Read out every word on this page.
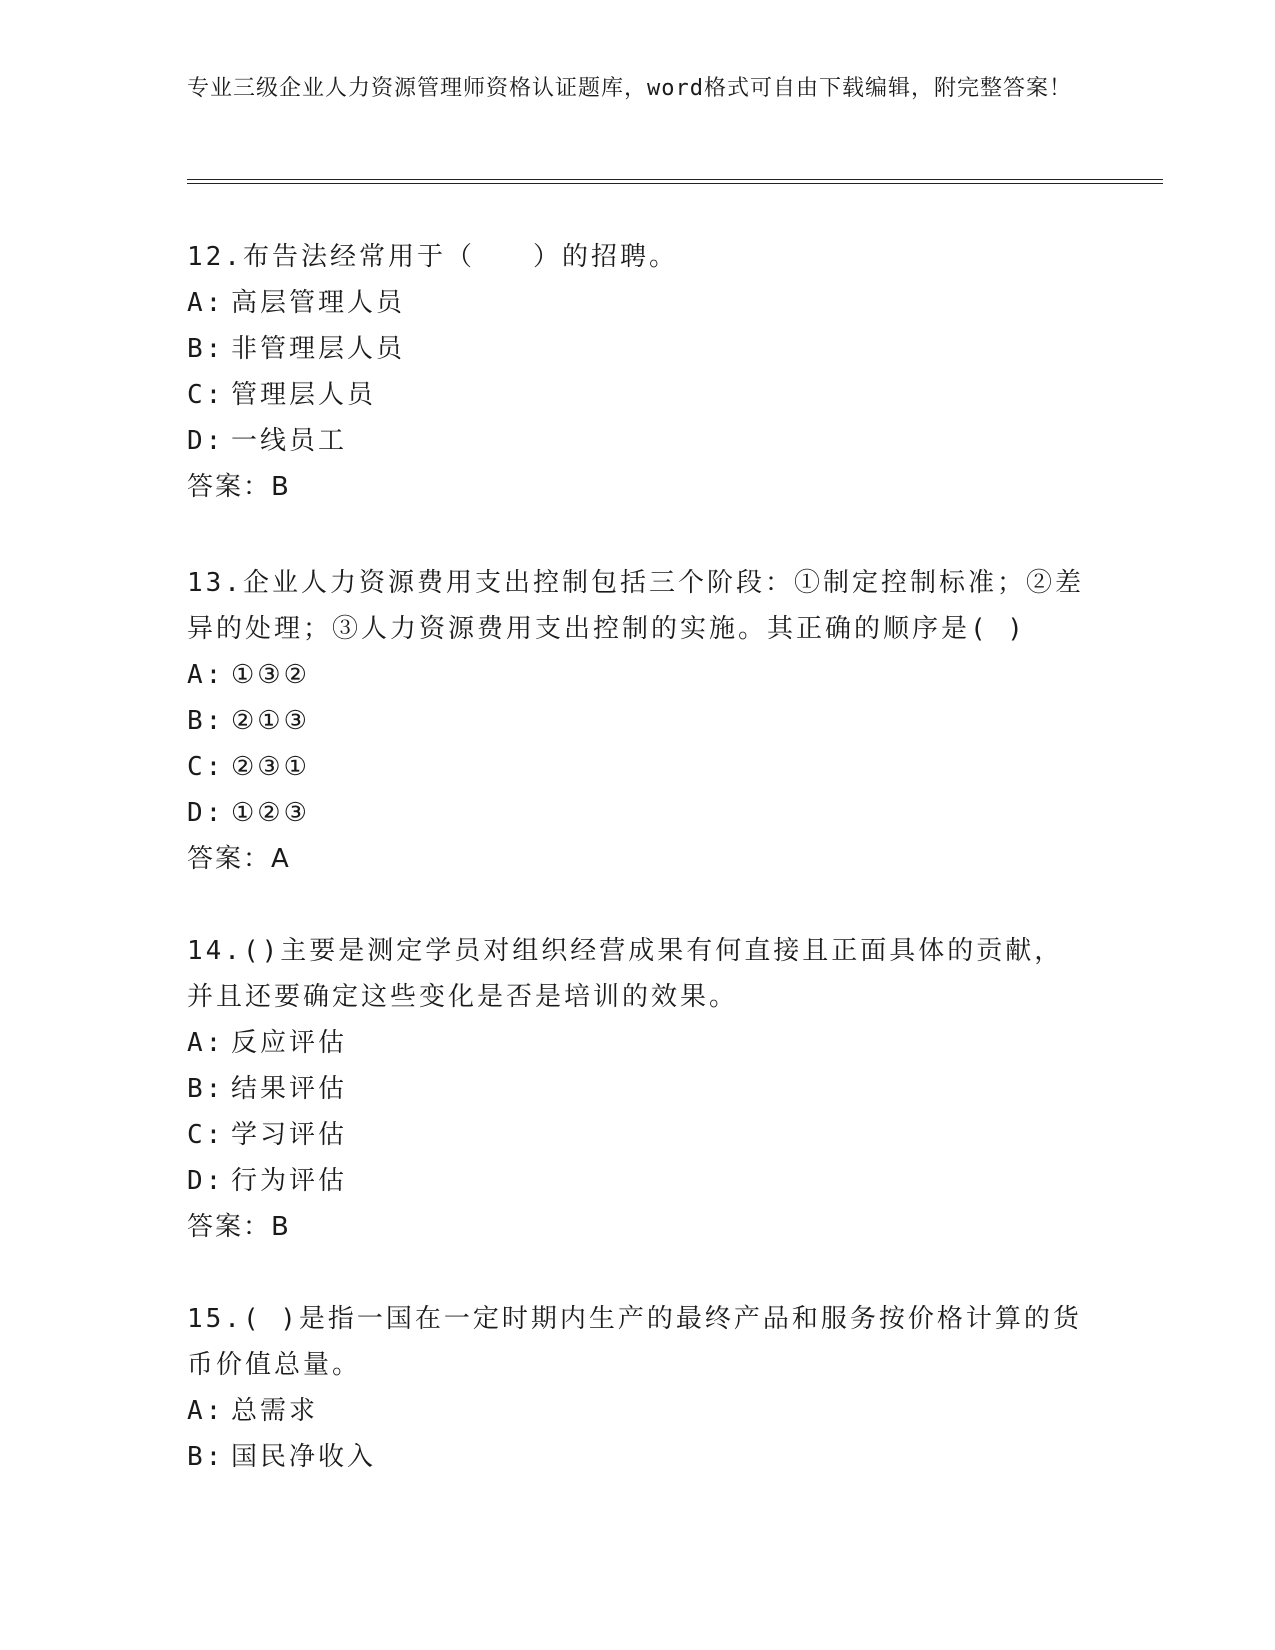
专业三级企业人力资源管理师资格认证题库，word格式可自由下载编辑，附完整答案！

12.布告法经常用于（　　）的招聘。

A: 高层管理人员

B: 非管理层人员

C: 管理层人员

D: 一线员工

答案：B

13.企业人力资源费用支出控制包括三个阶段：①制定控制标准；②差异的处理；③人力资源费用支出控制的实施。其正确的顺序是( )

A: ①③②

B: ②①③

C: ②③①

D: ①②③

答案：A

14.()主要是测定学员对组织经营成果有何直接且正面具体的贡献，并且还要确定这些变化是否是培训的效果。

A: 反应评估

B: 结果评估

C: 学习评估

D: 行为评估

答案：B

15.( )是指一国在一定时期内生产的最终产品和服务按价格计算的货币价值总量。

A: 总需求

B: 国民净收入
